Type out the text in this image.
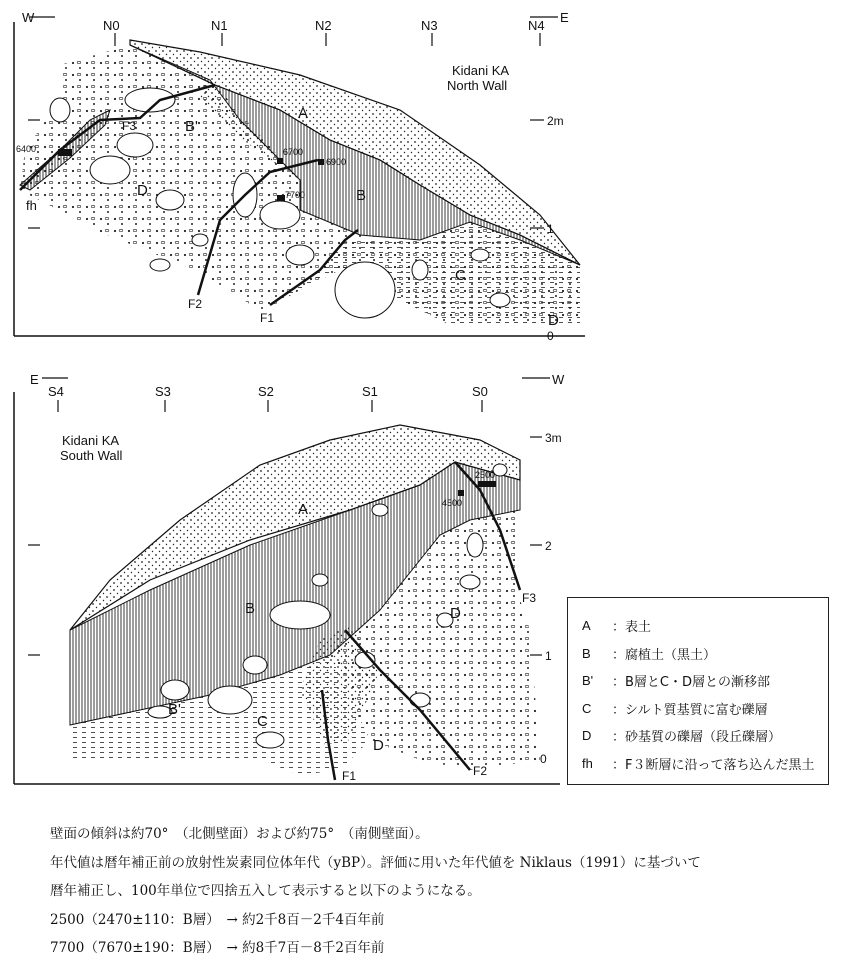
W	E
N0	N1	N2	N3	N4
Kidani KA
North Wall
2m
1
0
A
B
B'
C
D
D
fh
F1
F2
F3
6400	6700
6900
7700
E	W
S4	S3	S2	S1	S0
Kidani KA
South Wall
3m
2
1
0
A
B
B'
C
D
D
F1	F2
F3
2500
4500
A	：表土
B	：腐植土（黒土）
B'	：B層とC・D層との漸移部
C	：シルト質基質に富む礫層
D	：砂基質の礫層（段丘礫層）
fh	：F３断層に沿って落ち込んだ黒土
壁面の傾斜は約70°　（北側壁面）および約75°　（南側壁面）。
年代値は暦年補正前の放射性炭素同位体年代（yBP）。評価に用いた年代値を Niklaus（1991）に基づいて
暦年補正し、100年単位で四捨五入して表示すると以下のようになる。
2500（2470±110：B層）　→ 約2千8百－2千4百年前
7700（7670±190：B層）　→ 約8千7百－8千2百年前
